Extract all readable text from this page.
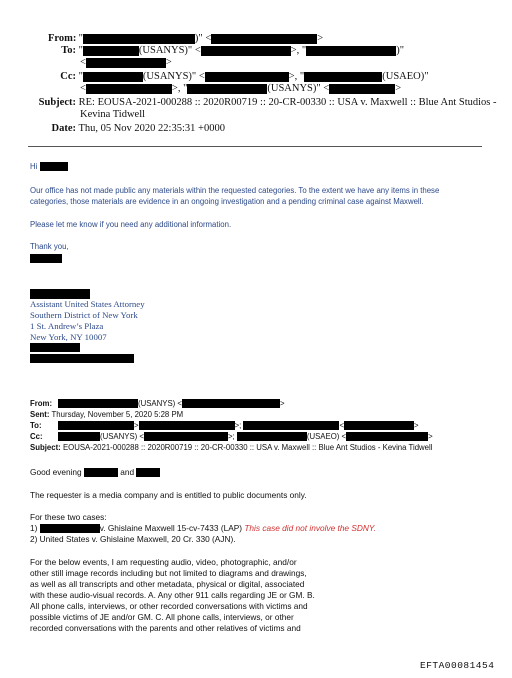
From: "	)" <	>
To: "	(USANYS)" <	>, "	)"
<	>
Cc: "	(USANYS)" <	>, "	(USAEO)"
<	>, "	(USANYS)" <	>
Subject: RE: EOUSA-2021-000288 :: 2020R00719 :: 20-CR-00330 :: USA v. Maxwell :: Blue Ant Studios -
Kevina Tidwell
Date: Thu, 05 Nov 2020 22:35:31 +0000
Hi
Our office has not made public any materials within the requested categories. To the extent we have any items in these
categories, those materials are evidence in an ongoing investigation and a pending criminal case against Maxwell.
Please let me know if you need any additional information.
Thank you,
Assistant United States Attorney
Southern District of New York
1 St. Andrew’s Plaza
New York, NY 10007
From:	(USANYS) <	>
Sent: Thursday, November 5, 2020 5:28 PM
To:	>	>;	<	>
Cc:	(USANYS) <	>;	(USAEO) <	>
Subject: EOUSA-2021-000288 :: 2020R00719 :: 20-CR-00330 :: USA v. Maxwell :: Blue Ant Studios - Kevina Tidwell
Good evening	and
The requester is a media company and is entitled to public documents only.
For these two cases:
1)	v. Ghislaine Maxwell 15-cv-7433 (LAP) This case did not involve the SDNY.
2) United States v. Ghislaine Maxwell, 20 Cr. 330 (AJN).
For the below events, I am requesting audio, video, photographic, and/or
other still image records including but not limited to diagrams and drawings,
as well as all transcripts and other metadata, physical or digital, associated
with these audio-visual records. A. Any other 911 calls regarding JE or GM. B.
All phone calls, interviews, or other recorded conversations with victims and
possible victims of JE and/or GM. C. All phone calls, interviews, or other
recorded conversations with the parents and other relatives of victims and
EFTA00081454
